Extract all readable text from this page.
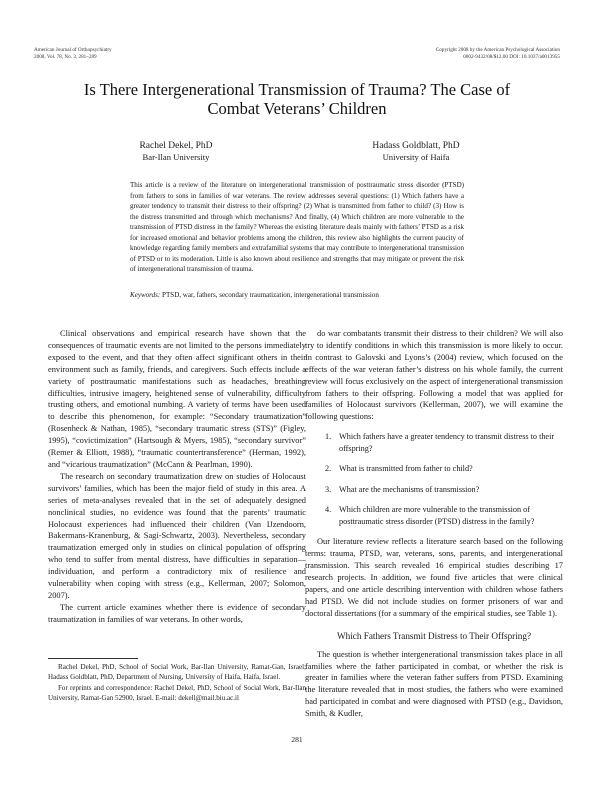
American Journal of Orthopsychiatry
2008, Vol. 78, No. 3, 281–289
Copyright 2008 by the American Psychological Association
0002-9432/08/$12.00 DOI: 10.1037/a0013955
Is There Intergenerational Transmission of Trauma? The Case of Combat Veterans’ Children
Rachel Dekel, PhD
Bar-Ilan University
Hadass Goldblatt, PhD
University of Haifa

This article is a review of the literature on intergenerational transmission of posttraumatic stress disorder (PTSD) from fathers to sons in families of war veterans. The review addresses several questions: (1) Which fathers have a greater tendency to transmit their distress to their offspring? (2) What is transmitted from father to child? (3) How is the distress transmitted and through which mechanisms? And finally, (4) Which children are more vulnerable to the transmission of PTSD distress in the family? Whereas the existing literature deals mainly with fathers’ PTSD as a risk for increased emotional and behavior problems among the children, this review also highlights the current paucity of knowledge regarding family members and extrafamilial systems that may contribute to intergenerational transmission of PTSD or to its moderation. Little is also known about resilience and strengths that may mitigate or prevent the risk of intergenerational transmission of trauma.

Keywords: PTSD, war, fathers, secondary traumatization, intergenerational transmission

Clinical observations and empirical research have shown that the consequences of traumatic events are not limited to the persons immediately exposed to the event, and that they often affect significant others in their environment such as family, friends, and caregivers. Such effects include a variety of posttraumatic manifestations such as headaches, breathing difficulties, intrusive imagery, heightened sense of vulnerability, difficulty trusting others, and emotional numbing. A variety of terms have been used to describe this phenomenon, for example: “Secondary traumatization” (Rosenheck & Nathan, 1985), “secondary traumatic stress (STS)” (Figley, 1995), “covictimization” (Hartsough & Myers, 1985), “secondary survivor” (Remer & Elliott, 1988), “traumatic countertransference” (Herman, 1992), and “vicarious traumatization” (McCann & Pearlman, 1990).

The research on secondary traumatization drew on studies of Holocaust survivors’ families, which has been the major field of study in this area. A series of meta-analyses revealed that in the set of adequately designed nonclinical studies, no evidence was found that the parents’ traumatic Holocaust experiences had influenced their children (Van IJzendoorn, Bakermans-Kranenburg, & Sagi-Schwartz, 2003). Nevertheless, secondary traumatization emerged only in studies on clinical population of offspring who tend to suffer from mental distress, have difficulties in separation—individuation, and perform a contradictory mix of resilience and vulnerability when coping with stress (e.g., Kellerman, 2007; Solomon, 2007).

The current article examines whether there is evidence of secondary traumatization in families of war veterans. In other words,

Rachel Dekel, PhD, School of Social Work, Bar-Ilan University, Ramat-Gan, Israel; Hadass Goldblatt, PhD, Department of Nursing, University of Haifa, Haifa, Israel.

For reprints and correspondence: Rachel Dekel, PhD, School of Social Work, Bar-Ilan University, Ramat-Gan 52900, Israel. E-mail: dekell@mail.biu.ac.il

do war combatants transmit their distress to their children? We will also try to identify conditions in which this transmission is more likely to occur. In contrast to Galovski and Lyons’s (2004) review, which focused on the effects of the war veteran father’s distress on his whole family, the current review will focus exclusively on the aspect of intergenerational transmission from fathers to their offspring. Following a model that was applied for families of Holocaust survivors (Kellerman, 2007), we will examine the following questions:

1. Which fathers have a greater tendency to transmit distress to their offspring?
2. What is transmitted from father to child?
3. What are the mechanisms of transmission?
4. Which children are more vulnerable to the transmission of posttraumatic stress disorder (PTSD) distress in the family?

Our literature review reflects a literature search based on the following terms: trauma, PTSD, war, veterans, sons, parents, and intergenerational transmission. This search revealed 16 empirical studies describing 17 research projects. In addition, we found five articles that were clinical papers, and one article describing intervention with children whose fathers had PTSD. We did not include studies on former prisoners of war and doctoral dissertations (for a summary of the empirical studies, see Table 1).

Which Fathers Transmit Distress to Their Offspring?

The question is whether intergenerational transmission takes place in all families where the father participated in combat, or whether the risk is greater in families where the veteran father suffers from PTSD. Examining the literature revealed that in most studies, the fathers who were examined had participated in combat and were diagnosed with PTSD (e.g., Davidson, Smith, & Kudler,

281
